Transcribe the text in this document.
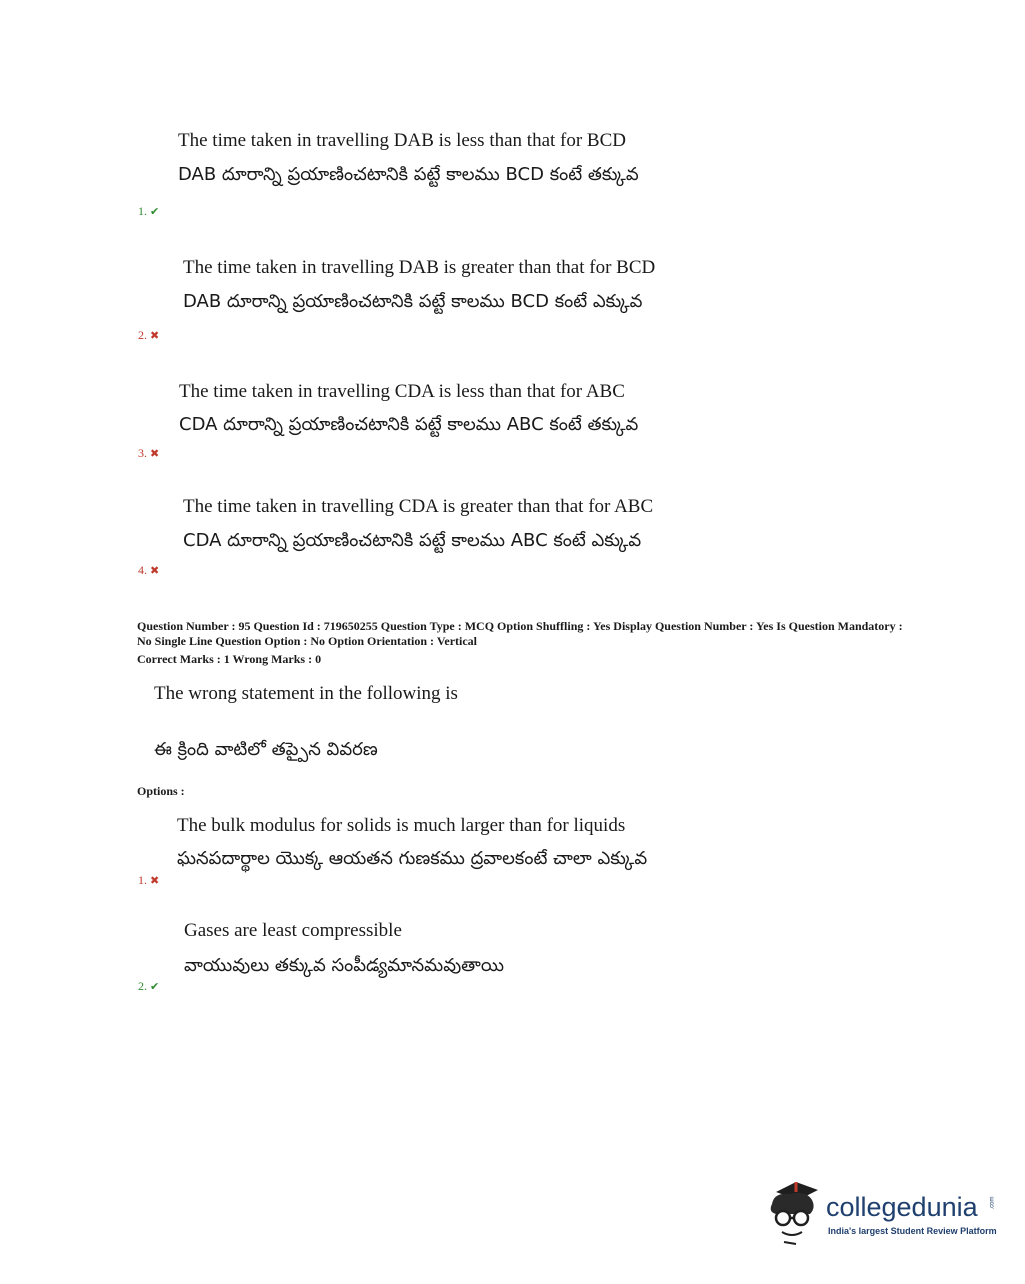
The time taken in travelling DAB is less than that for BCD
DAB దూరాన్ని ప్రయాణించటానికి పట్టే కాలము BCD కంటే తక్కువ
1. ✔
The time taken in travelling DAB is greater than that for BCD
DAB దూరాన్ని ప్రయాణించటానికి పట్టే కాలము BCD కంటే ఎక్కువ
2. ✖
The time taken in travelling CDA is less than that for ABC
CDA దూరాన్ని ప్రయాణించటానికి పట్టే కాలము ABC కంటే తక్కువ
3. ✖
The time taken in travelling CDA is greater than that for ABC
CDA దూరాన్ని ప్రయాణించటానికి పట్టే కాలము ABC కంటే ఎక్కువ
4. ✖
Question Number : 95 Question Id : 719650255 Question Type : MCQ Option Shuffling : Yes Display Question Number : Yes Is Question Mandatory : No Single Line Question Option : No Option Orientation : Vertical
Correct Marks : 1 Wrong Marks : 0
The wrong statement in the following is
ఈ క్రింది వాటిలో తప్పైన వివరణ
Options :
The bulk modulus for solids is much larger than for liquids
ఘనపదార్థాల యొక్క ఆయతన గుణకము ద్రవాలకంటే చాలా ఎక్కువ
1. ✖
Gases are least compressible
వాయువులు తక్కువ సంపీడ్యమానమవుతాయి
2. ✔
collegedunia .com
India's largest Student Review Platform
